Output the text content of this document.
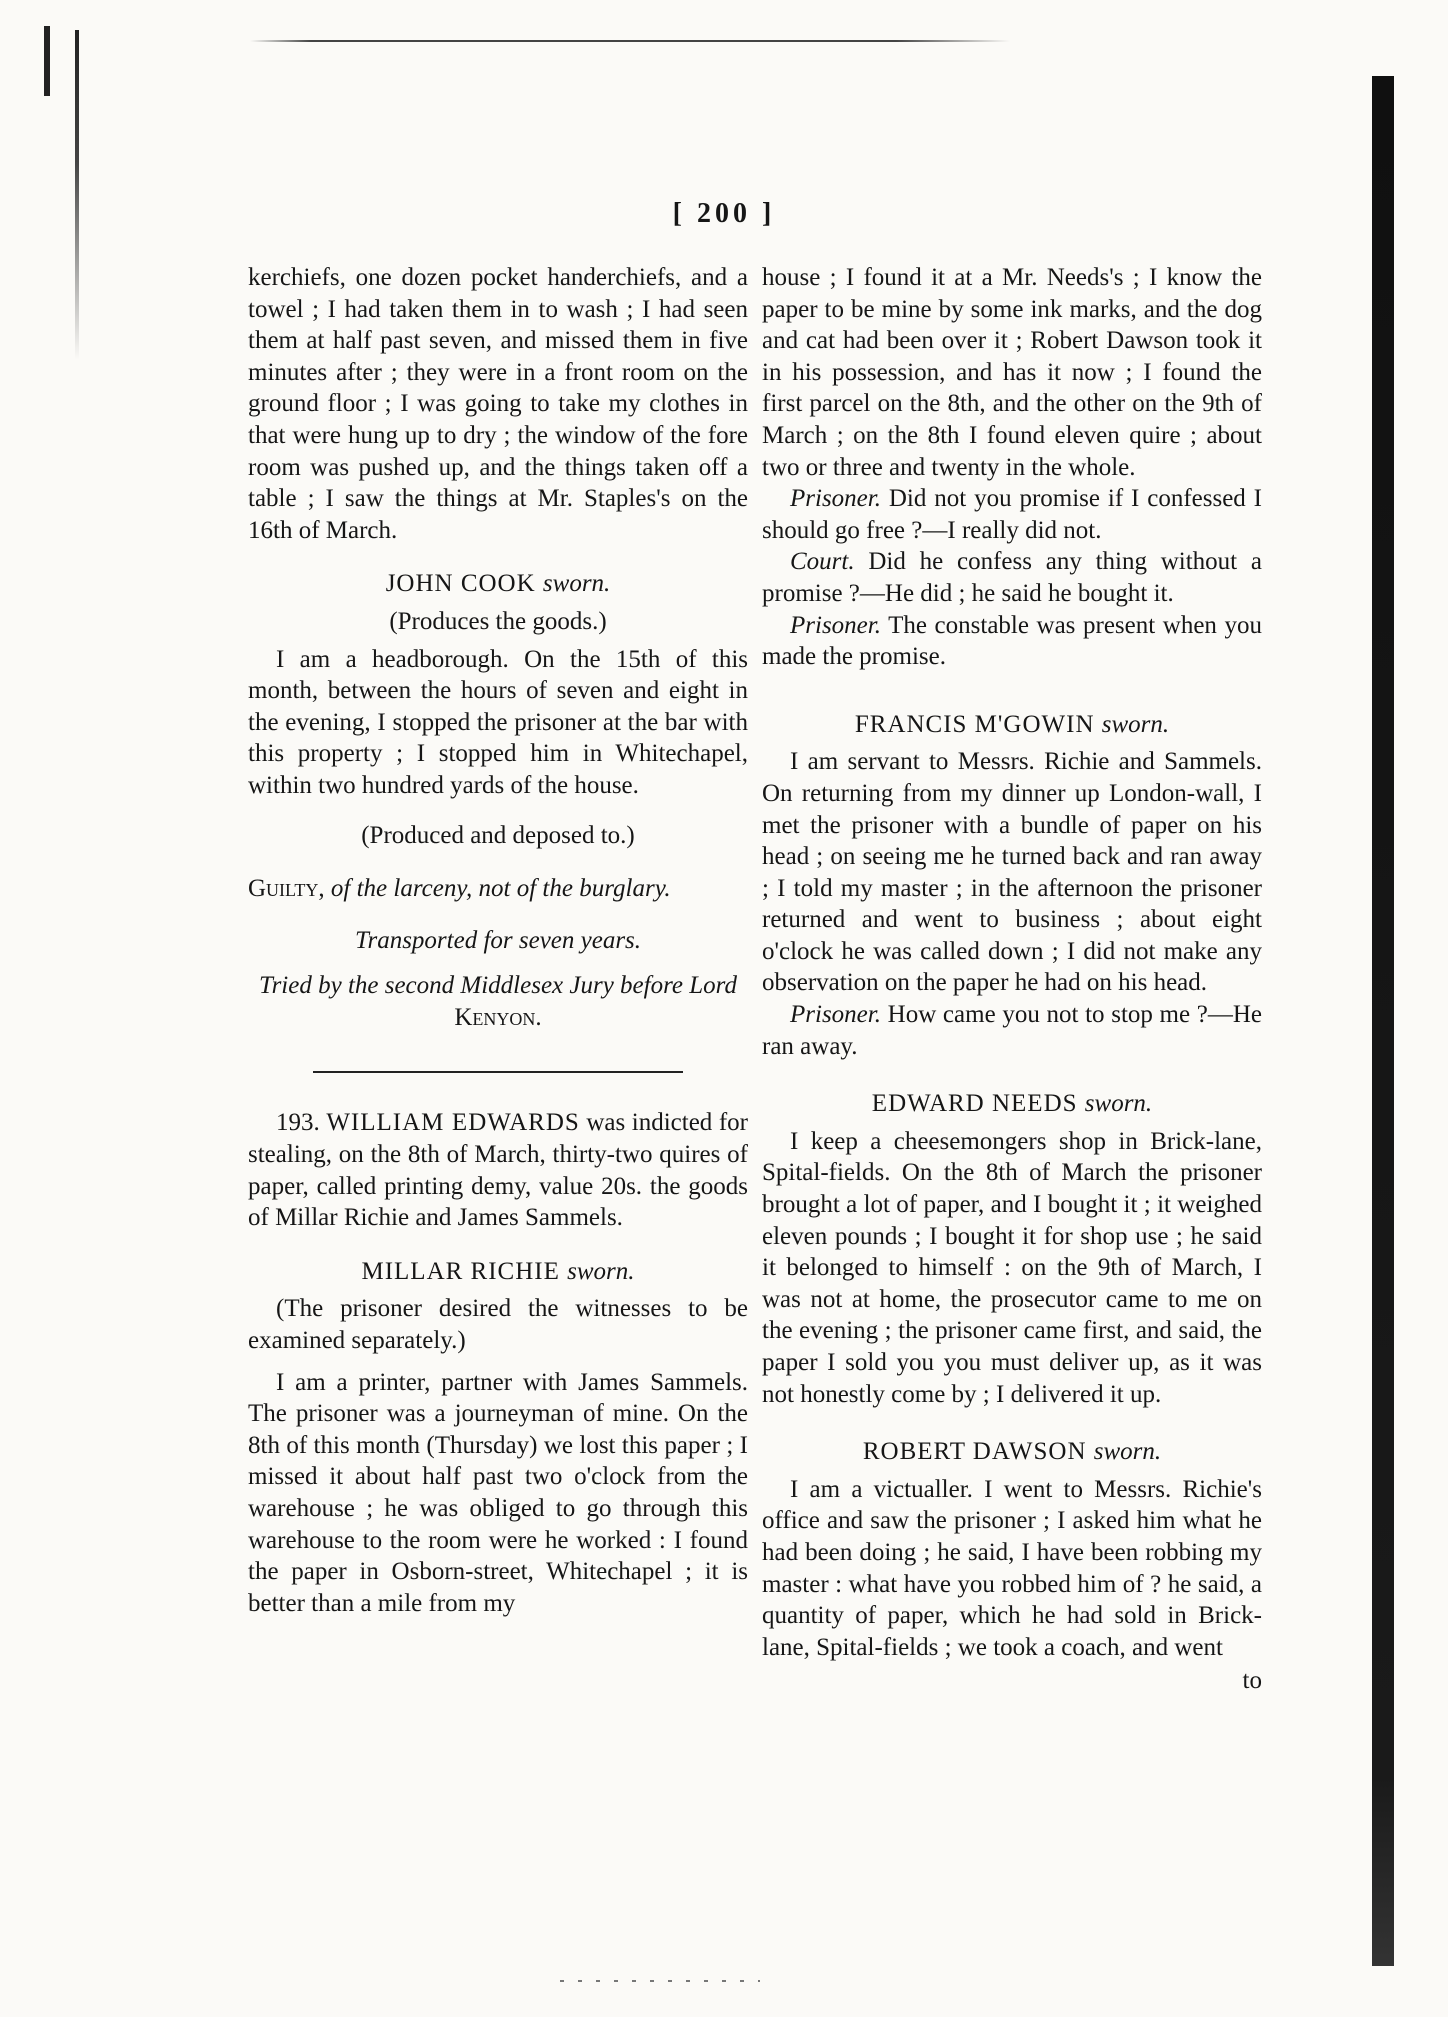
[ 200 ]

kerchiefs, one dozen pocket handerchiefs, and a towel ; I had taken them in to wash ; I had seen them at half past seven, and missed them in five minutes after ; they were in a front room on the ground floor ; I was going to take my clothes in that were hung up to dry ; the window of the fore room was pushed up, and the things taken off a table ; I saw the things at Mr. Staples's on the 16th of March.

JOHN COOK sworn.

(Produces the goods.)

I am a headborough. On the 15th of this month, between the hours of seven and eight in the evening, I stopped the prisoner at the bar with this property ; I stopped him in Whitechapel, within two hundred yards of the house.

(Produced and deposed to.)

Guilty, of the larceny, not of the burglary.

Transported for seven years.

Tried by the second Middlesex Jury before Lord Kenyon.

193. WILLIAM EDWARDS was indicted for stealing, on the 8th of March, thirty-two quires of paper, called printing demy, value 20s. the goods of Millar Richie and James Sammels.

MILLAR RICHIE sworn.

(The prisoner desired the witnesses to be examined separately.)

I am a printer, partner with James Sammels. The prisoner was a journeyman of mine. On the 8th of this month (Thursday) we lost this paper ; I missed it about half past two o'clock from the warehouse ; he was obliged to go through this warehouse to the room were he worked : I found the paper in Osborn-street, Whitechapel ; it is better than a mile from my

house ; I found it at a Mr. Needs's ; I know the paper to be mine by some ink marks, and the dog and cat had been over it ; Robert Dawson took it in his possession, and has it now ; I found the first parcel on the 8th, and the other on the 9th of March ; on the 8th I found eleven quire ; about two or three and twenty in the whole.

Prisoner. Did not you promise if I confessed I should go free ?—I really did not.

Court. Did he confess any thing without a promise ?—He did ; he said he bought it.

Prisoner. The constable was present when you made the promise.

FRANCIS M'GOWIN sworn.

I am servant to Messrs. Richie and Sammels. On returning from my dinner up London-wall, I met the prisoner with a bundle of paper on his head ; on seeing me he turned back and ran away ; I told my master ; in the afternoon the prisoner returned and went to business ; about eight o'clock he was called down ; I did not make any observation on the paper he had on his head.

Prisoner. How came you not to stop me ?—He ran away.

EDWARD NEEDS sworn.

I keep a cheesemongers shop in Brick-lane, Spital-fields. On the 8th of March the prisoner brought a lot of paper, and I bought it ; it weighed eleven pounds ; I bought it for shop use ; he said it belonged to himself : on the 9th of March, I was not at home, the prosecutor came to me on the evening ; the prisoner came first, and said, the paper I sold you you must deliver up, as it was not honestly come by ; I delivered it up.

ROBERT DAWSON sworn.

I am a victualler. I went to Messrs. Richie's office and saw the prisoner ; I asked him what he had been doing ; he said, I have been robbing my master : what have you robbed him of ? he said, a quantity of paper, which he had sold in Brick-lane, Spital-fields ; we took a coach, and went

to
